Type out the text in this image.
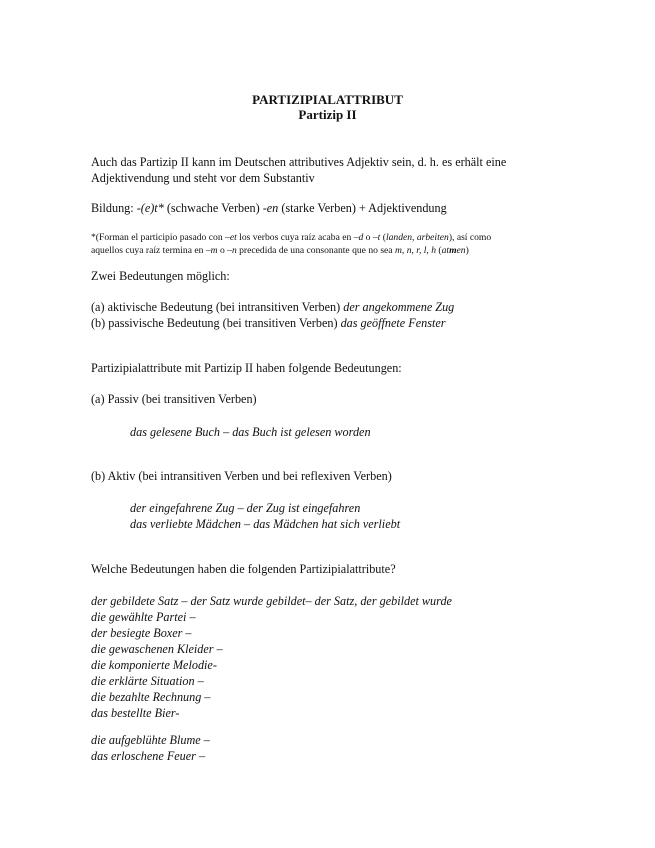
PARTIZIPIALATTRIBUT
Partizip II
Auch das Partizip II kann im Deutschen attributives Adjektiv sein, d. h. es erhält eine
Adjektivendung und steht vor dem Substantiv
Bildung: -(e)t* (schwache Verben) -en (starke Verben) + Adjektivendung
*(Forman el participio pasado con –et los verbos cuya raíz acaba en –d o –t (landen, arbeiten), así como
aquellos cuya raíz termina en –m o –n precedida de una consonante que no sea m, n, r, l, h (atmen)
Zwei Bedeutungen möglich:
(a) aktivische Bedeutung (bei intransitiven Verben) der angekommene Zug
(b) passivische Bedeutung (bei transitiven Verben) das geöffnete Fenster
Partizipialattribute mit Partizip II haben folgende Bedeutungen:
(a) Passiv (bei transitiven Verben)
das gelesene Buch – das Buch ist gelesen worden
(b) Aktiv (bei intransitiven Verben und bei reflexiven Verben)
der eingefahrene Zug – der Zug ist eingefahren
das verliebte Mädchen – das Mädchen hat sich verliebt
Welche Bedeutungen haben die folgenden Partizipialattribute?
der gebildete Satz – der Satz wurde gebildet– der Satz, der gebildet wurde
die gewählte Partei –
der besiegte Boxer –
die gewaschenen Kleider –
die komponierte Melodie-
die erklärte Situation –
die bezahlte Rechnung –
das bestellte Bier-
die aufgeblühte Blume –
das erloschene Feuer –
